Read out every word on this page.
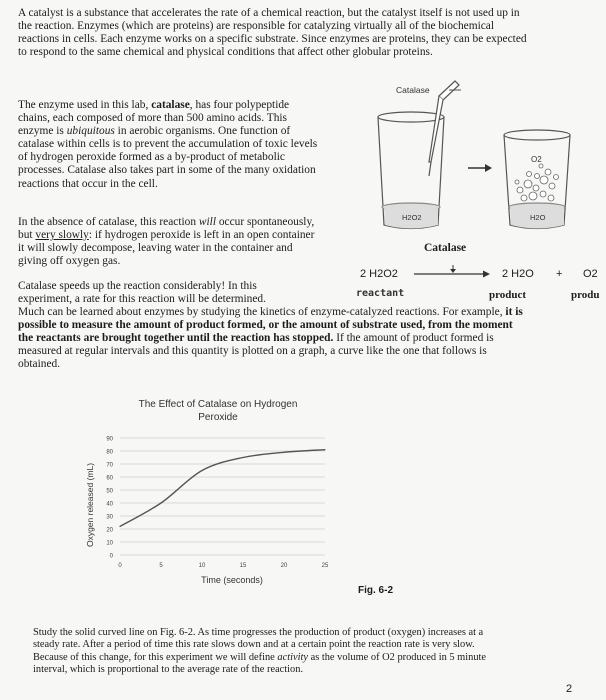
A catalyst is a substance that accelerates the rate of a chemical reaction, but the catalyst itself is not used up in
the reaction. Enzymes (which are proteins) are responsible for catalyzing virtually all of the biochemical
reactions in cells. Each enzyme works on a specific substrate. Since enzymes are proteins, they can be expected
to respond to the same chemical and physical conditions that affect other globular proteins.
The enzyme used in this lab, catalase, has four polypeptide
chains, each composed of more than 500 amino acids. This
enzyme is ubiquitous in aerobic organisms. One function of
catalase within cells is to prevent the accumulation of toxic levels
of hydrogen peroxide formed as a by-product of metabolic
processes. Catalase also takes part in some of the many oxidation
reactions that occur in the cell.
In the absence of catalase, this reaction will occur spontaneously,
but very slowly: if hydrogen peroxide is left in an open container
it will slowly decompose, leaving water in the container and
giving off oxygen gas.
Catalase speeds up the reaction considerably! In this
experiment, a rate for this reaction will be determined.
Much can be learned about enzymes by studying the kinetics of enzyme-catalyzed reactions. For example, it is
possible to measure the amount of product formed, or the amount of substrate used, from the moment
the reactants are brought together until the reaction has stopped. If the amount of product formed is
measured at regular intervals and this quantity is plotted on a graph, a curve like the one that follows is
obtained.
Catalase
H2O2
O2
H2O
Catalase
2 H2O2	2 H2O + O2
reactant	product	produ
The Effect of Catalase on Hydrogen
Peroxide
Oxygen released (mL)
Time (seconds)
0
10
20
30
40
50
60
70
80
90
0	5	10	15	20	25
Fig. 6-2
Study the solid curved line on Fig. 6-2. As time progresses the production of product (oxygen) increases at a
steady rate. After a period of time this rate slows down and at a certain point the reaction rate is very slow.
Because of this change, for this experiment we will define activity as the volume of O2 produced in 5 minute
interval, which is proportional to the average rate of the reaction.
2
